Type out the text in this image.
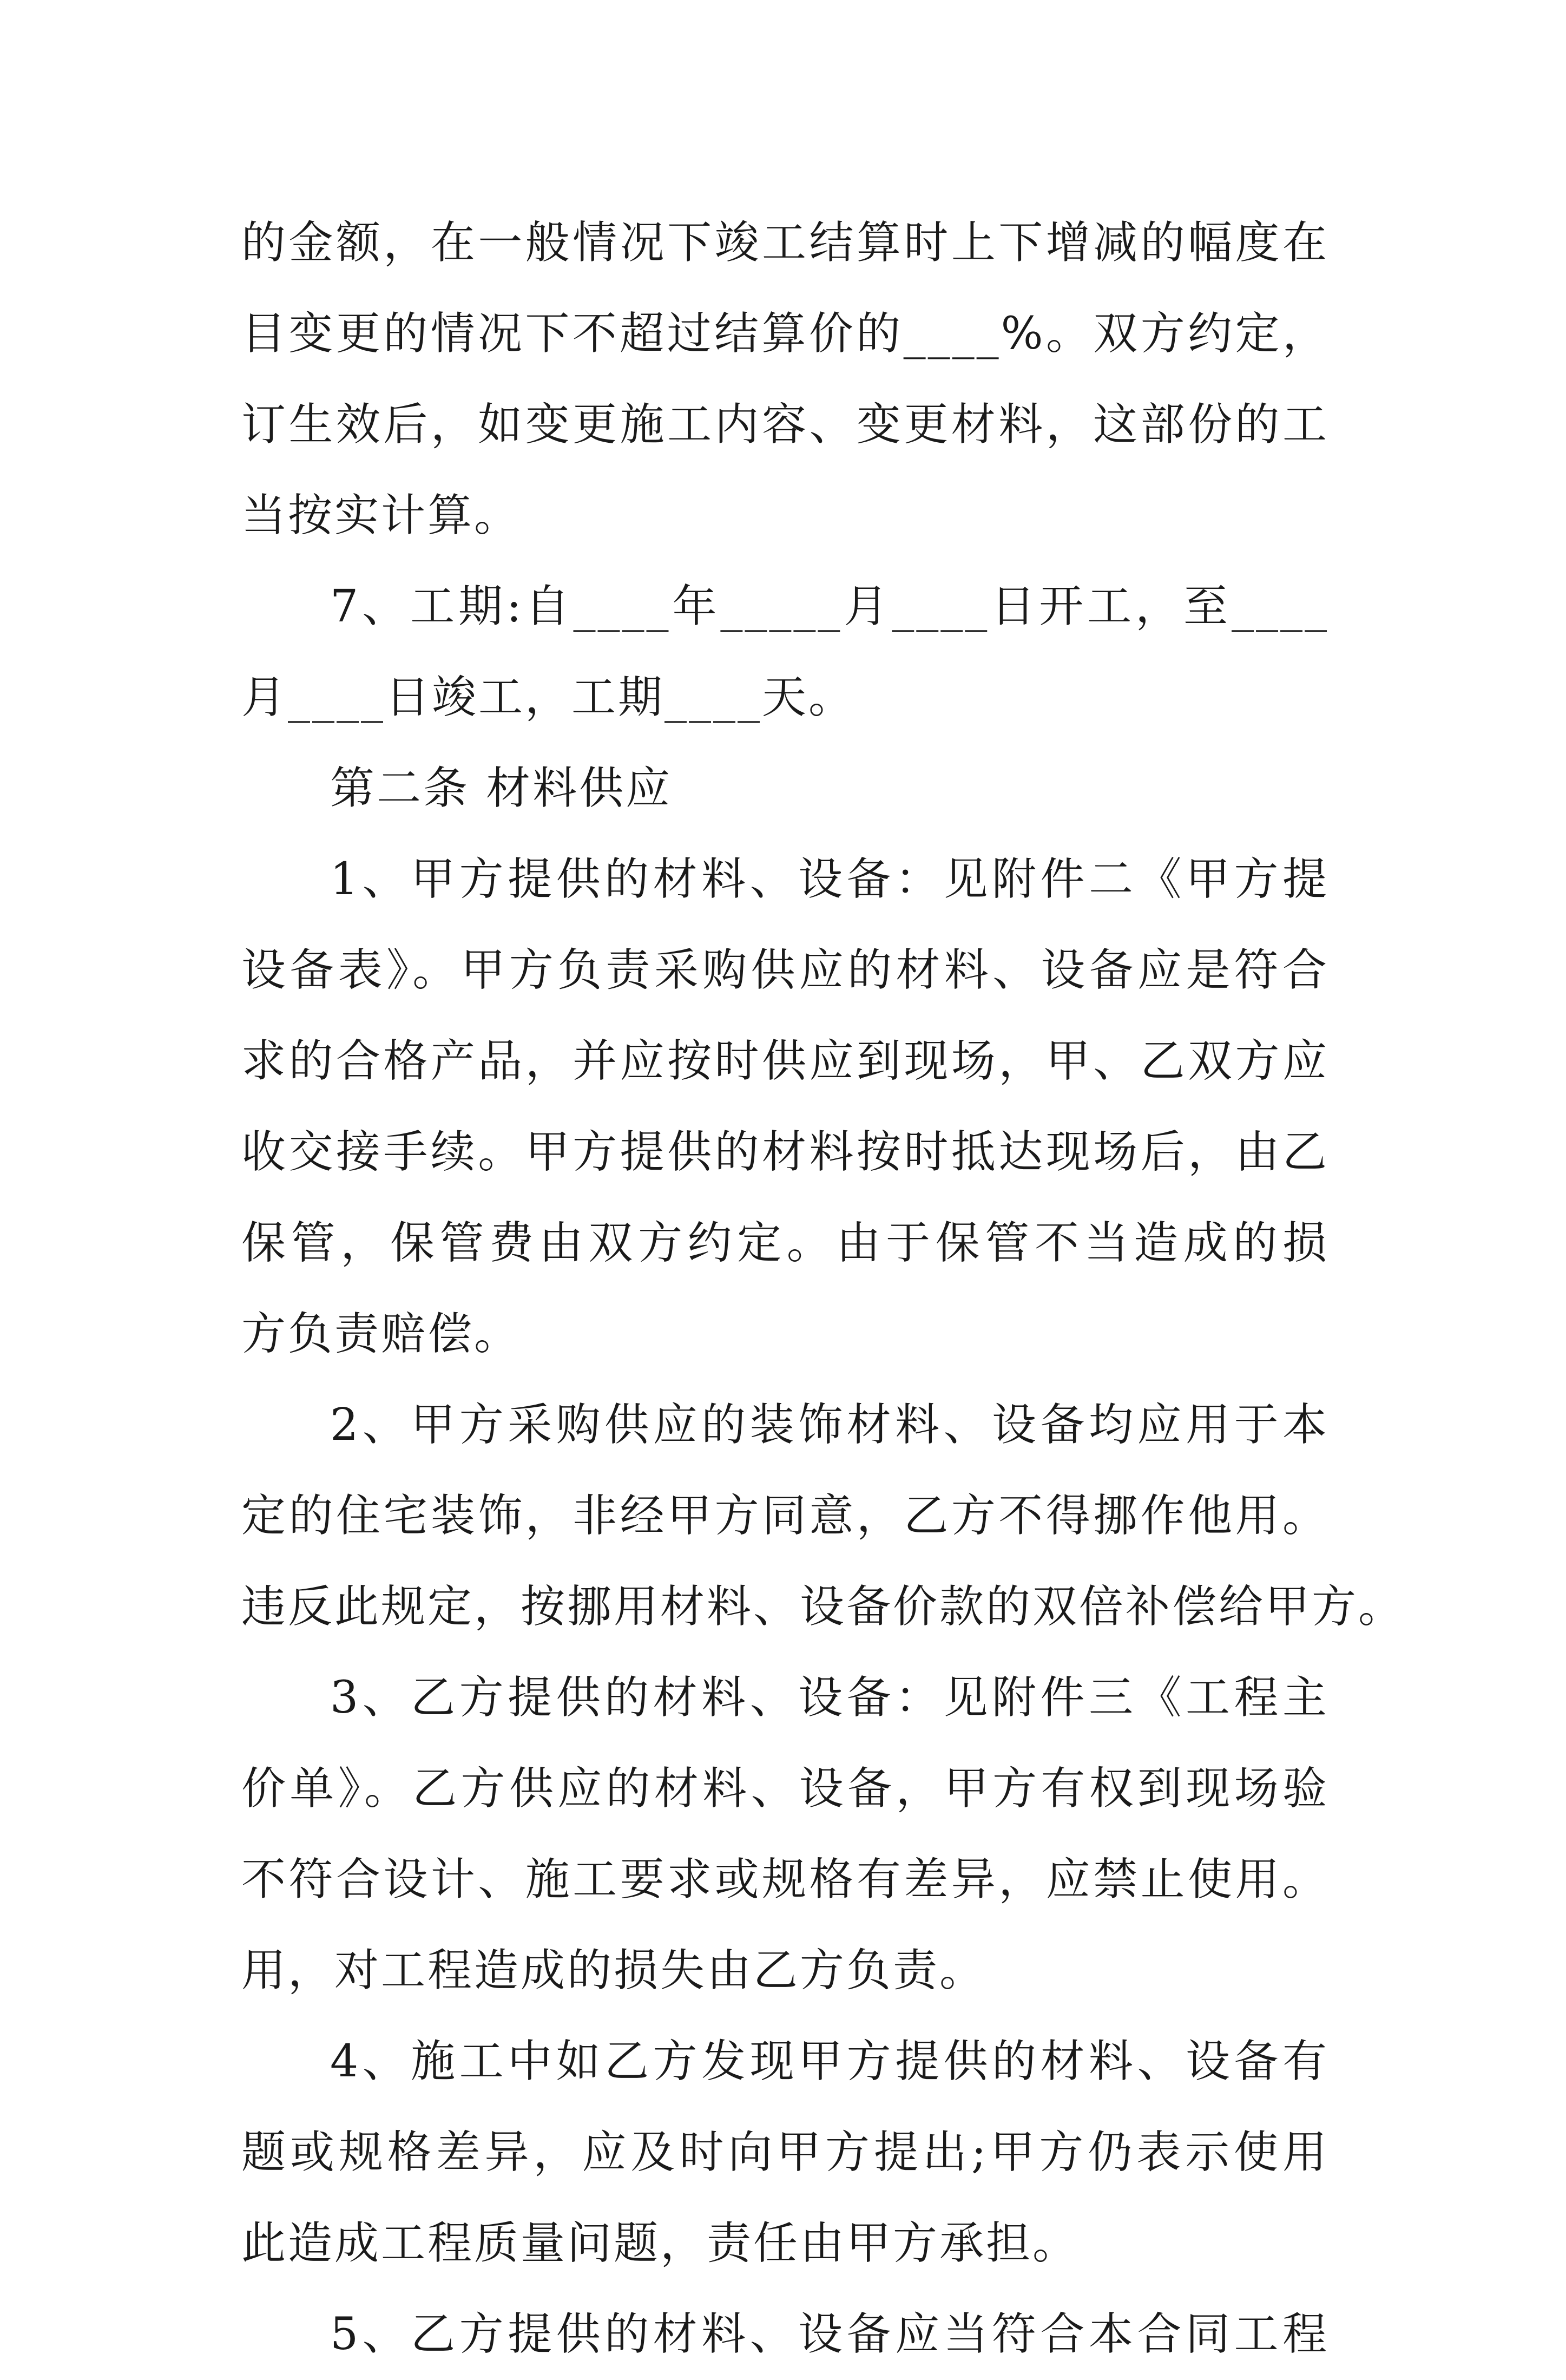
的金额，在一般情况下竣工结算时上下增减的幅度在
目变更的情况下不超过结算价的____%。双方约定，
订生效后，如变更施工内容、变更材料，这部份的工
当按实计算。
7、工期:自____年_____月____日开工，至____
月____日竣工，工期____天。
第二条 材料供应
1、甲方提供的材料、设备：见附件二《甲方提
设备表》。甲方负责采购供应的材料、设备应是符合
求的合格产品，并应按时供应到现场，甲、乙双方应
收交接手续。甲方提供的材料按时抵达现场后，由乙
保管，保管费由双方约定。由于保管不当造成的损
方负责赔偿。
2、甲方采购供应的装饰材料、设备均应用于本
定的住宅装饰，非经甲方同意，乙方不得挪作他用。
违反此规定，按挪用材料、设备价款的双倍补偿给甲方。
3、乙方提供的材料、设备：见附件三《工程主
价单》。乙方供应的材料、设备，甲方有权到现场验
不符合设计、施工要求或规格有差异，应禁止使用。
用，对工程造成的损失由乙方负责。
4、施工中如乙方发现甲方提供的材料、设备有
题或规格差异，应及时向甲方提出;甲方仍表示使用
此造成工程质量问题，责任由甲方承担。
5、乙方提供的材料、设备应当符合本合同工程
